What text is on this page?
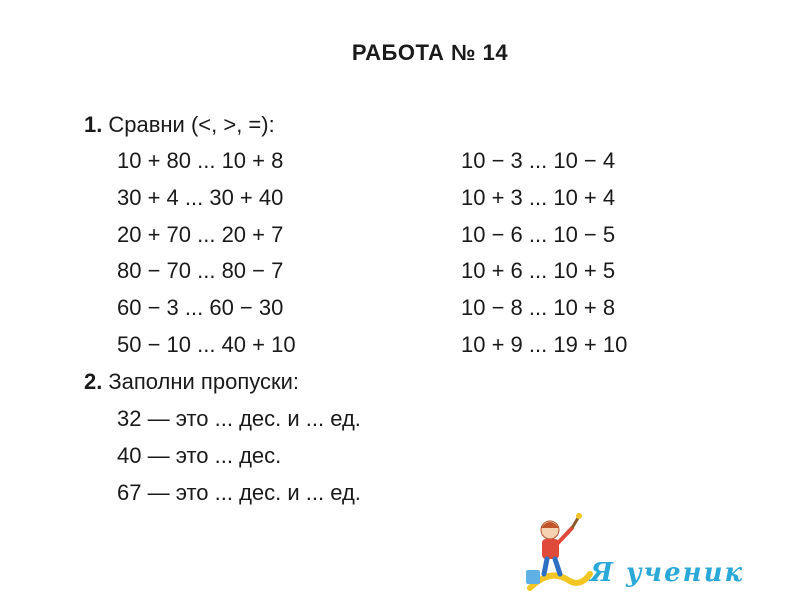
РАБОТА № 14
1. Сравни (<, >, =):
10 + 80 ... 10 + 8
30 + 4 ... 30 + 40
20 + 70 ... 20 + 7
80 − 70 ... 80 − 7
60 − 3 ... 60 − 30
50 − 10 ... 40 + 10
10 − 3 ... 10 − 4
10 + 3 ... 10 + 4
10 − 6 ... 10 − 5
10 + 6 ... 10 + 5
10 − 8 ... 10 + 8
10 + 9 ... 19 + 10
2. Заполни пропуски:
32 — это ... дес. и ... ед.
40 — это ... дес.
67 — это ... дес. и ... ед.
Я ученик
